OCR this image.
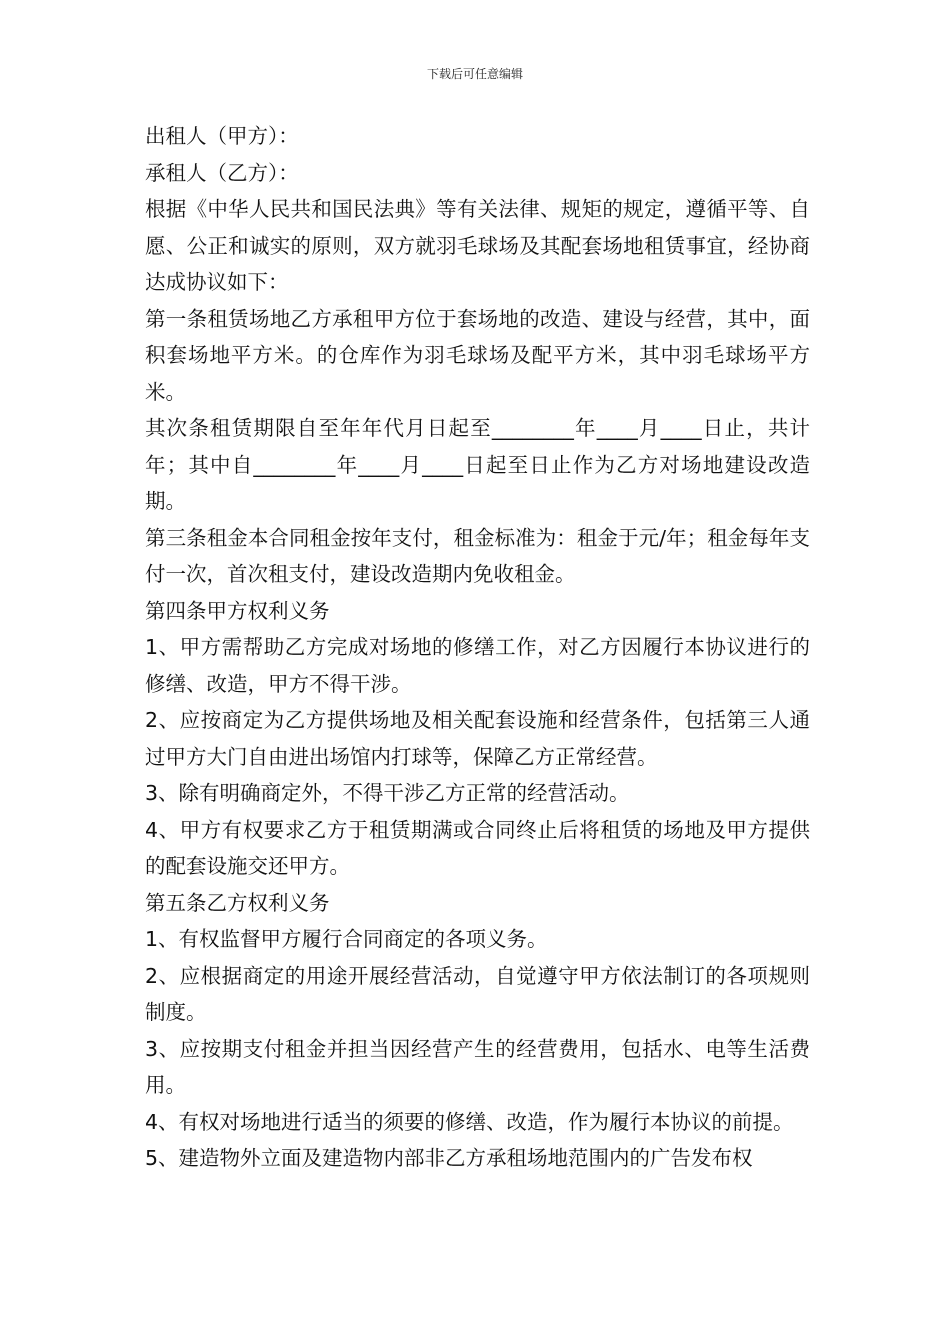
下载后可任意编辑

出租人（甲方）：

承租人（乙方）：

根据《中华人民共和国民法典》等有关法律、规矩的规定，遵循平等、自愿、公正和诚实的原则，双方就羽毛球场及其配套场地租赁事宜，经协商达成协议如下：

第一条租赁场地乙方承租甲方位于套场地的改造、建设与经营，其中，面积套场地平方米。的仓库作为羽毛球场及配平方米，其中羽毛球场平方米。

其次条租赁期限自至年年代月日起至________年____月____日止，共计年；其中自________年____月____日起至日止作为乙方对场地建设改造期。

第三条租金本合同租金按年支付，租金标准为：租金于元/年；租金每年支付一次，首次租支付，建设改造期内免收租金。

第四条甲方权利义务

1、甲方需帮助乙方完成对场地的修缮工作，对乙方因履行本协议进行的修缮、改造，甲方不得干涉。

2、应按商定为乙方提供场地及相关配套设施和经营条件，包括第三人通过甲方大门自由进出场馆内打球等，保障乙方正常经营。

3、除有明确商定外，不得干涉乙方正常的经营活动。

4、甲方有权要求乙方于租赁期满或合同终止后将租赁的场地及甲方提供的配套设施交还甲方。

第五条乙方权利义务

1、有权监督甲方履行合同商定的各项义务。

2、应根据商定的用途开展经营活动，自觉遵守甲方依法制订的各项规则制度。

3、应按期支付租金并担当因经营产生的经营费用，包括水、电等生活费用。

4、有权对场地进行适当的须要的修缮、改造，作为履行本协议的前提。

5、建造物外立面及建造物内部非乙方承租场地范围内的广告发布权
